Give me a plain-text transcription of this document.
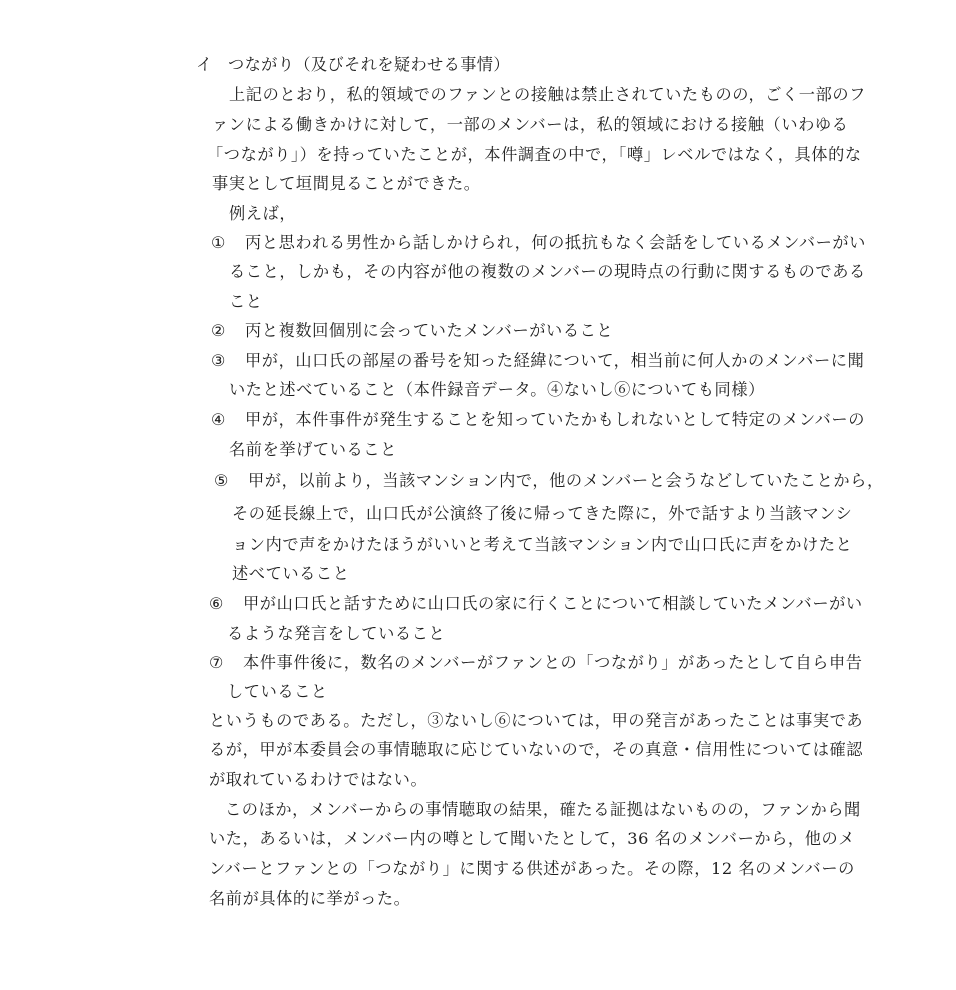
イ つながり（及びそれを疑わせる事情）
上記のとおり，私的領域でのファンとの接触は禁止されていたものの，ごく一部のフ
ァンによる働きかけに対して，一部のメンバーは，私的領域における接触（いわゆる
「つながり」）を持っていたことが，本件調査の中で，「噂」レベルではなく，具体的な
事実として垣間見ることができた。
例えば，
① 丙と思われる男性から話しかけられ，何の抵抗もなく会話をしているメンバーがい
ること，しかも，その内容が他の複数のメンバーの現時点の行動に関するものである
こと
② 丙と複数回個別に会っていたメンバーがいること
③ 甲が，山口氏の部屋の番号を知った経緯について，相当前に何人かのメンバーに聞
いたと述べていること（本件録音データ。④ないし⑥についても同様）
④ 甲が，本件事件が発生することを知っていたかもしれないとして特定のメンバーの
名前を挙げていること
⑤ 甲が，以前より，当該マンション内で，他のメンバーと会うなどしていたことから，
その延長線上で，山口氏が公演終了後に帰ってきた際に，外で話すより当該マンシ
ョン内で声をかけたほうがいいと考えて当該マンション内で山口氏に声をかけたと
述べていること
⑥ 甲が山口氏と話すために山口氏の家に行くことについて相談していたメンバーがい
るような発言をしていること
⑦ 本件事件後に，数名のメンバーがファンとの「つながり」があったとして自ら申告
していること
というものである。ただし，③ないし⑥については，甲の発言があったことは事実であ
るが，甲が本委員会の事情聴取に応じていないので，その真意・信用性については確認
が取れているわけではない。
このほか，メンバーからの事情聴取の結果，確たる証拠はないものの，ファンから聞
いた，あるいは，メンバー内の噂として聞いたとして，36 名のメンバーから，他のメ
ンバーとファンとの「つながり」に関する供述があった。その際，12 名のメンバーの
名前が具体的に挙がった。
